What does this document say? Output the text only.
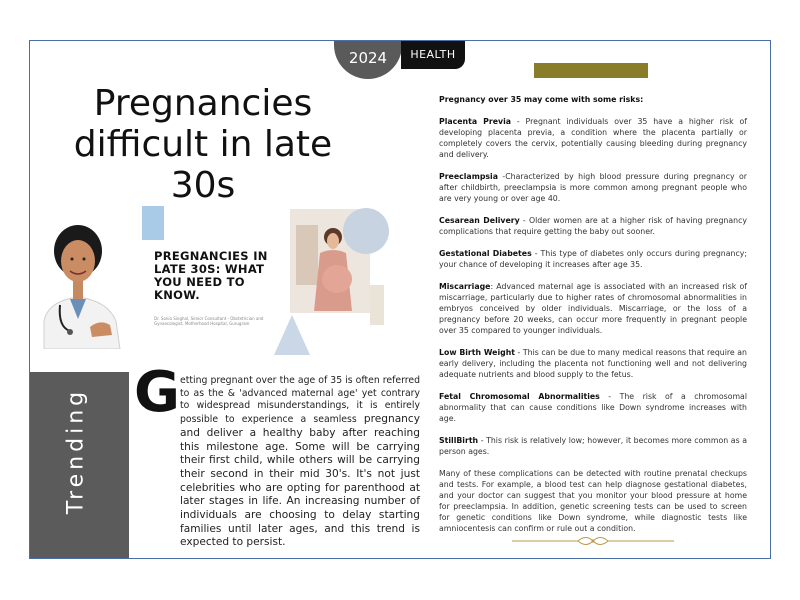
2024	HEALTH
Pregnancies
difficult in late
30s
PREGNANCIES IN LATE 30S: WHAT YOU NEED TO KNOW.
Dr. Sonia Singhal, Senior Consultant - Obstetrician and Gynaecologist, Motherhood Hospital, Gurugram
Trending G etting pregnant over the age of 35 is often referred to as the & 'advanced maternal age' yet contrary to widespread misunderstandings, it is entirely possible to experience a seamless pregnancy and deliver a healthy baby after reaching this milestone age. Some will be carrying their first child, while others will be carrying their second in their mid 30's. It's not just celebrities who are opting for parenthood at later stages in life. An increasing number of individuals are choosing to delay starting families until later ages, and this trend is expected to persist.

Pregnancy over 35 may come with some risks:

Placenta Previa - Pregnant individuals over 35 have a higher risk of developing placenta previa, a condition where the placenta partially or completely covers the cervix, potentially causing bleeding during pregnancy and delivery.

Preeclampsia -Characterized by high blood pressure during pregnancy or after childbirth, preeclampsia is more common among pregnant people who are very young or over age 40.

Cesarean Delivery - Older women are at a higher risk of having pregnancy complications that require getting the baby out sooner.

Gestational Diabetes - This type of diabetes only occurs during pregnancy; your chance of developing it increases after age 35.

Miscarriage: Advanced maternal age is associated with an increased risk of miscarriage, particularly due to higher rates of chromosomal abnormalities in embryos conceived by older individuals. Miscarriage, or the loss of a pregnancy before 20 weeks, can occur more frequently in pregnant people over 35 compared to younger individuals.

Low Birth Weight - This can be due to many medical reasons that require an early delivery, including the placenta not functioning well and not delivering adequate nutrients and blood supply to the fetus.

Fetal Chromosomal Abnormalities - The risk of a chromosomal abnormality that can cause conditions like Down syndrome increases with age.

StillBirth - This risk is relatively low; however, it becomes more common as a person ages.

Many of these complications can be detected with routine prenatal checkups and tests. For example, a blood test can help diagnose gestational diabetes, and your doctor can suggest that you monitor your blood pressure at home for preeclampsia. In addition, genetic screening tests can be used to screen for genetic conditions like Down syndrome, while diagnostic tests like amniocentesis can confirm or rule out a condition.
